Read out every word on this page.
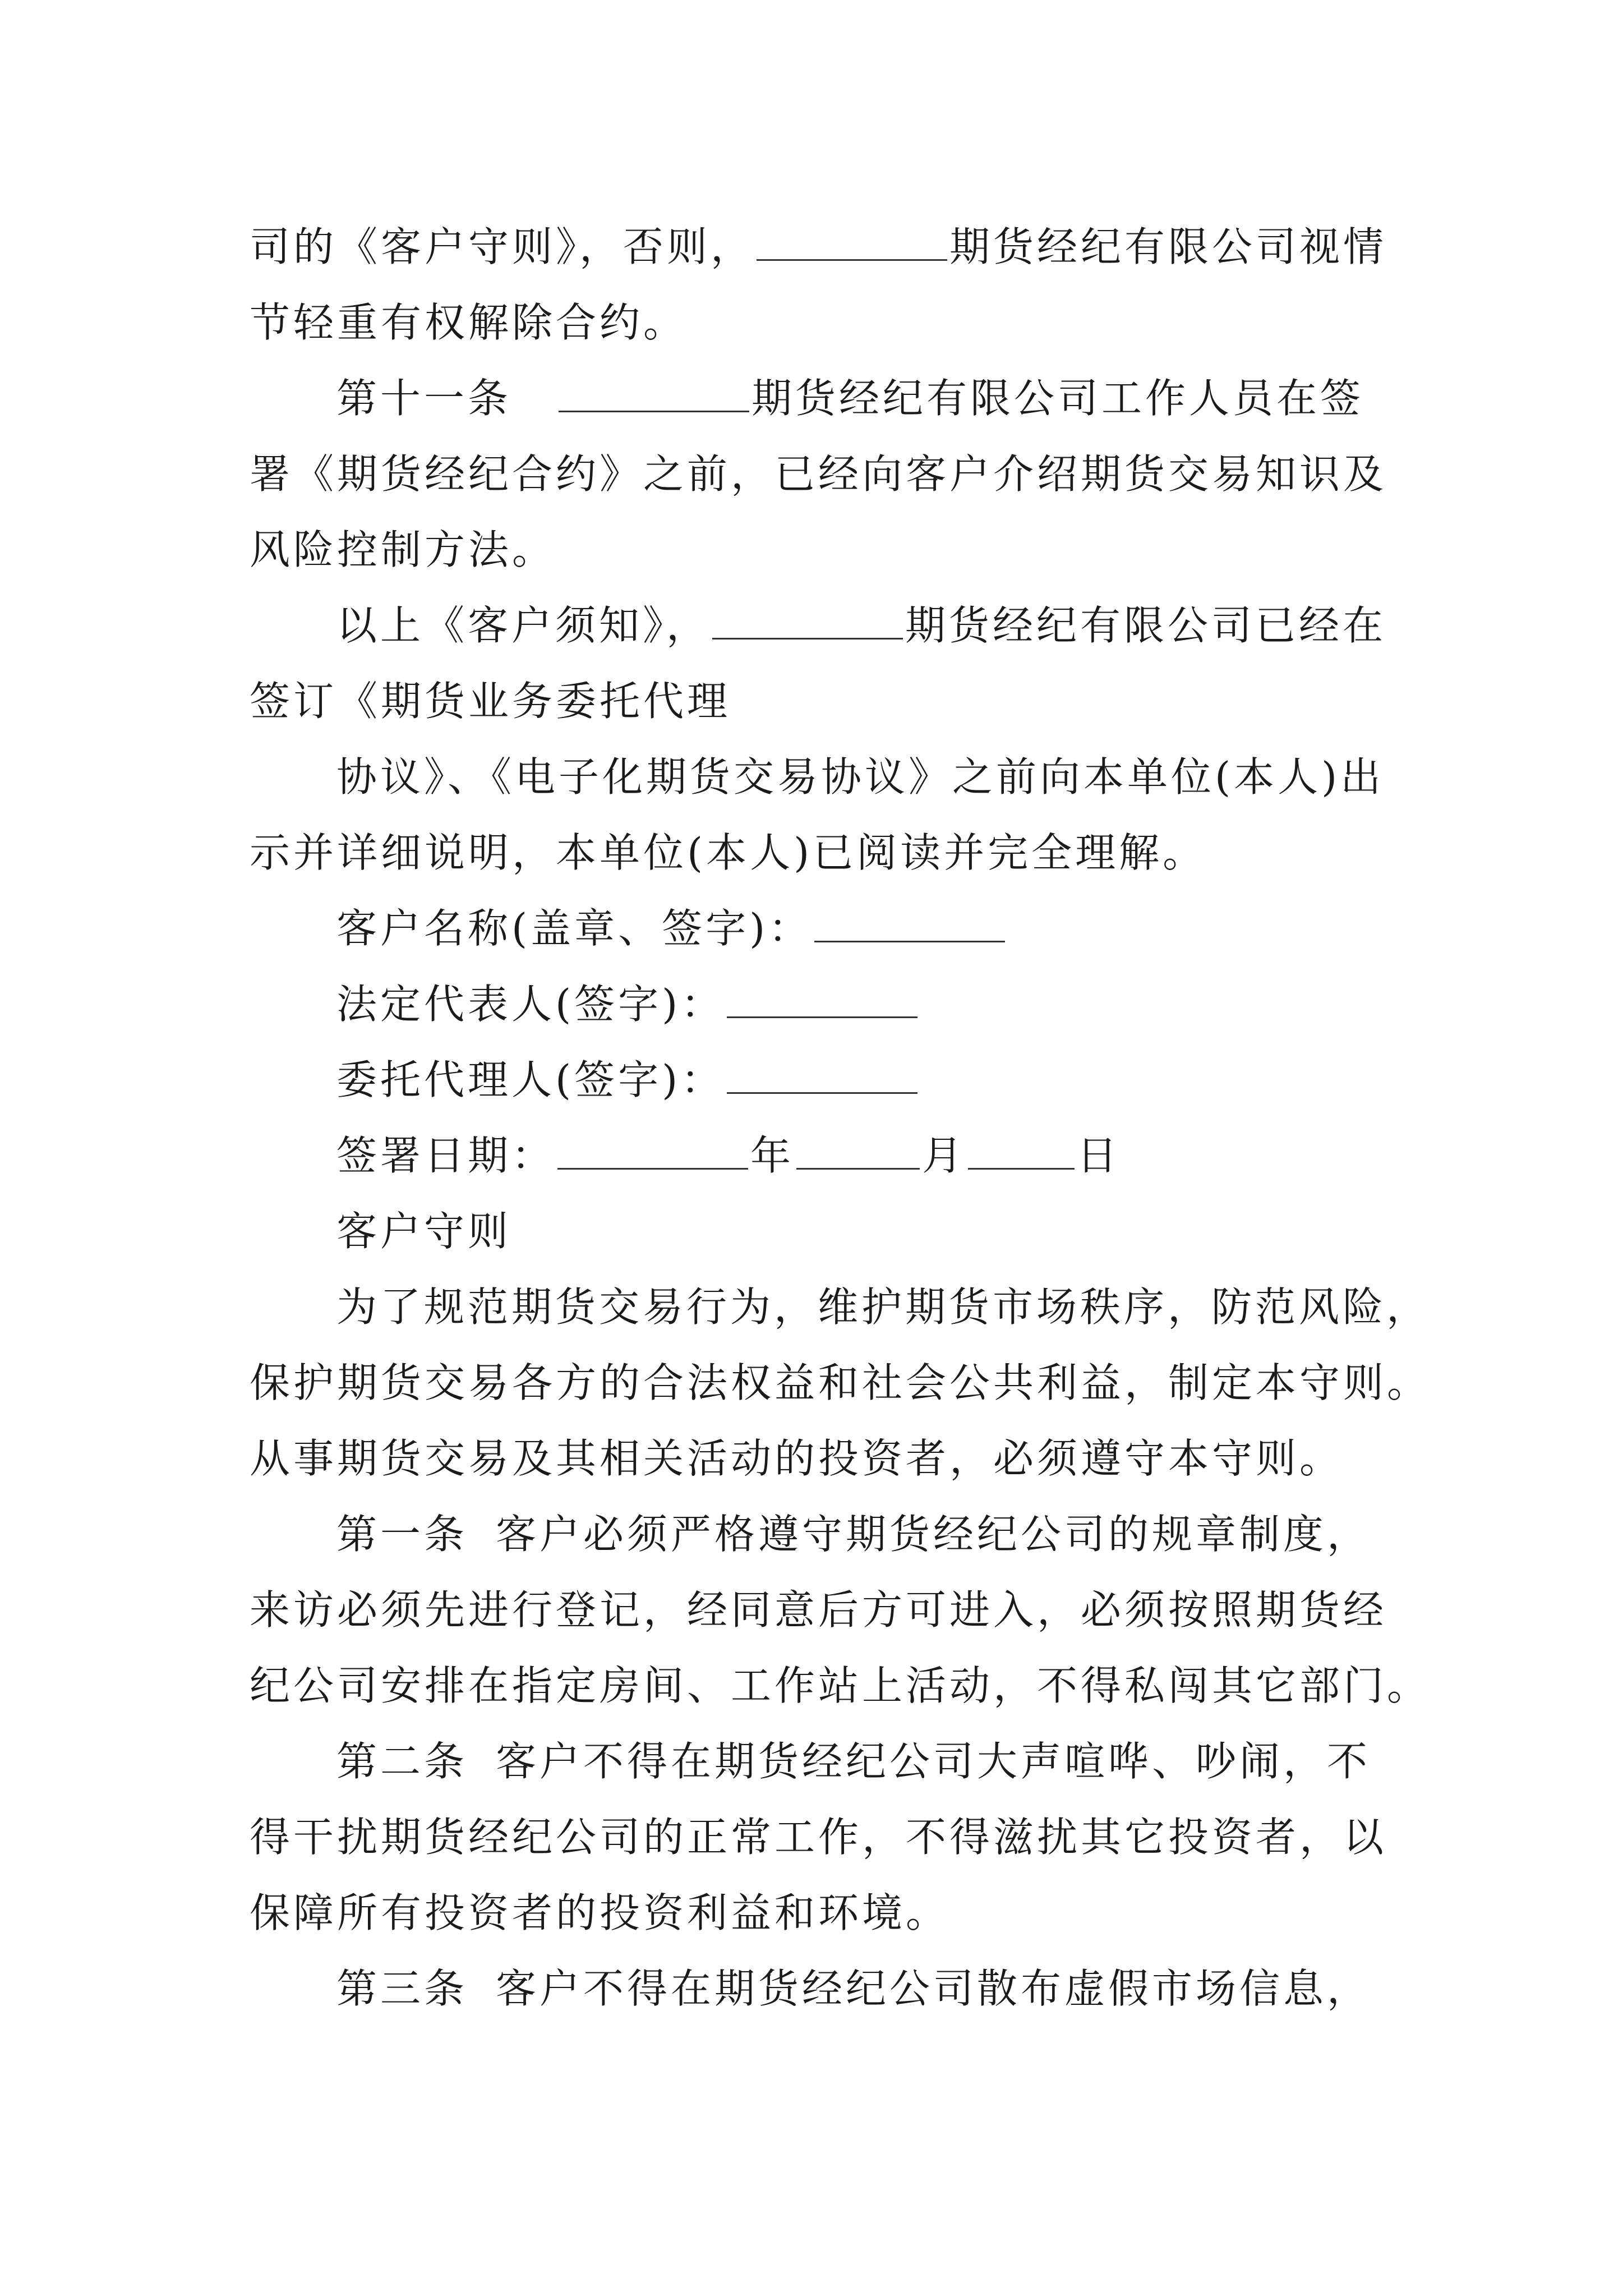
司的《客户守则》，否则，	期货经纪有限公司视情
节轻重有权解除合约。
第十一条	期货经纪有限公司工作人员在签
署《期货经纪合约》之前，已经向客户介绍期货交易知识及
风险控制方法。
以上《客户须知》，	期货经纪有限公司已经在
签订《期货业务委托代理
协议》、《电子化期货交易协议》之前向本单位(本人)出
示并详细说明，本单位(本人)已阅读并完全理解。
客户名称(盖章、签字)：
法定代表人(签字)：
委托代理人(签字)：
签署日期：	年	月	日
客户守则
为了规范期货交易行为，维护期货市场秩序，防范风险，
保护期货交易各方的合法权益和社会公共利益，制定本守则。
从事期货交易及其相关活动的投资者，必须遵守本守则。
第一条 客户必须严格遵守期货经纪公司的规章制度，
来访必须先进行登记，经同意后方可进入，必须按照期货经
纪公司安排在指定房间、工作站上活动，不得私闯其它部门。
第二条 客户不得在期货经纪公司大声喧哗、吵闹，不
得干扰期货经纪公司的正常工作，不得滋扰其它投资者，以
保障所有投资者的投资利益和环境。
第三条 客户不得在期货经纪公司散布虚假市场信息，
